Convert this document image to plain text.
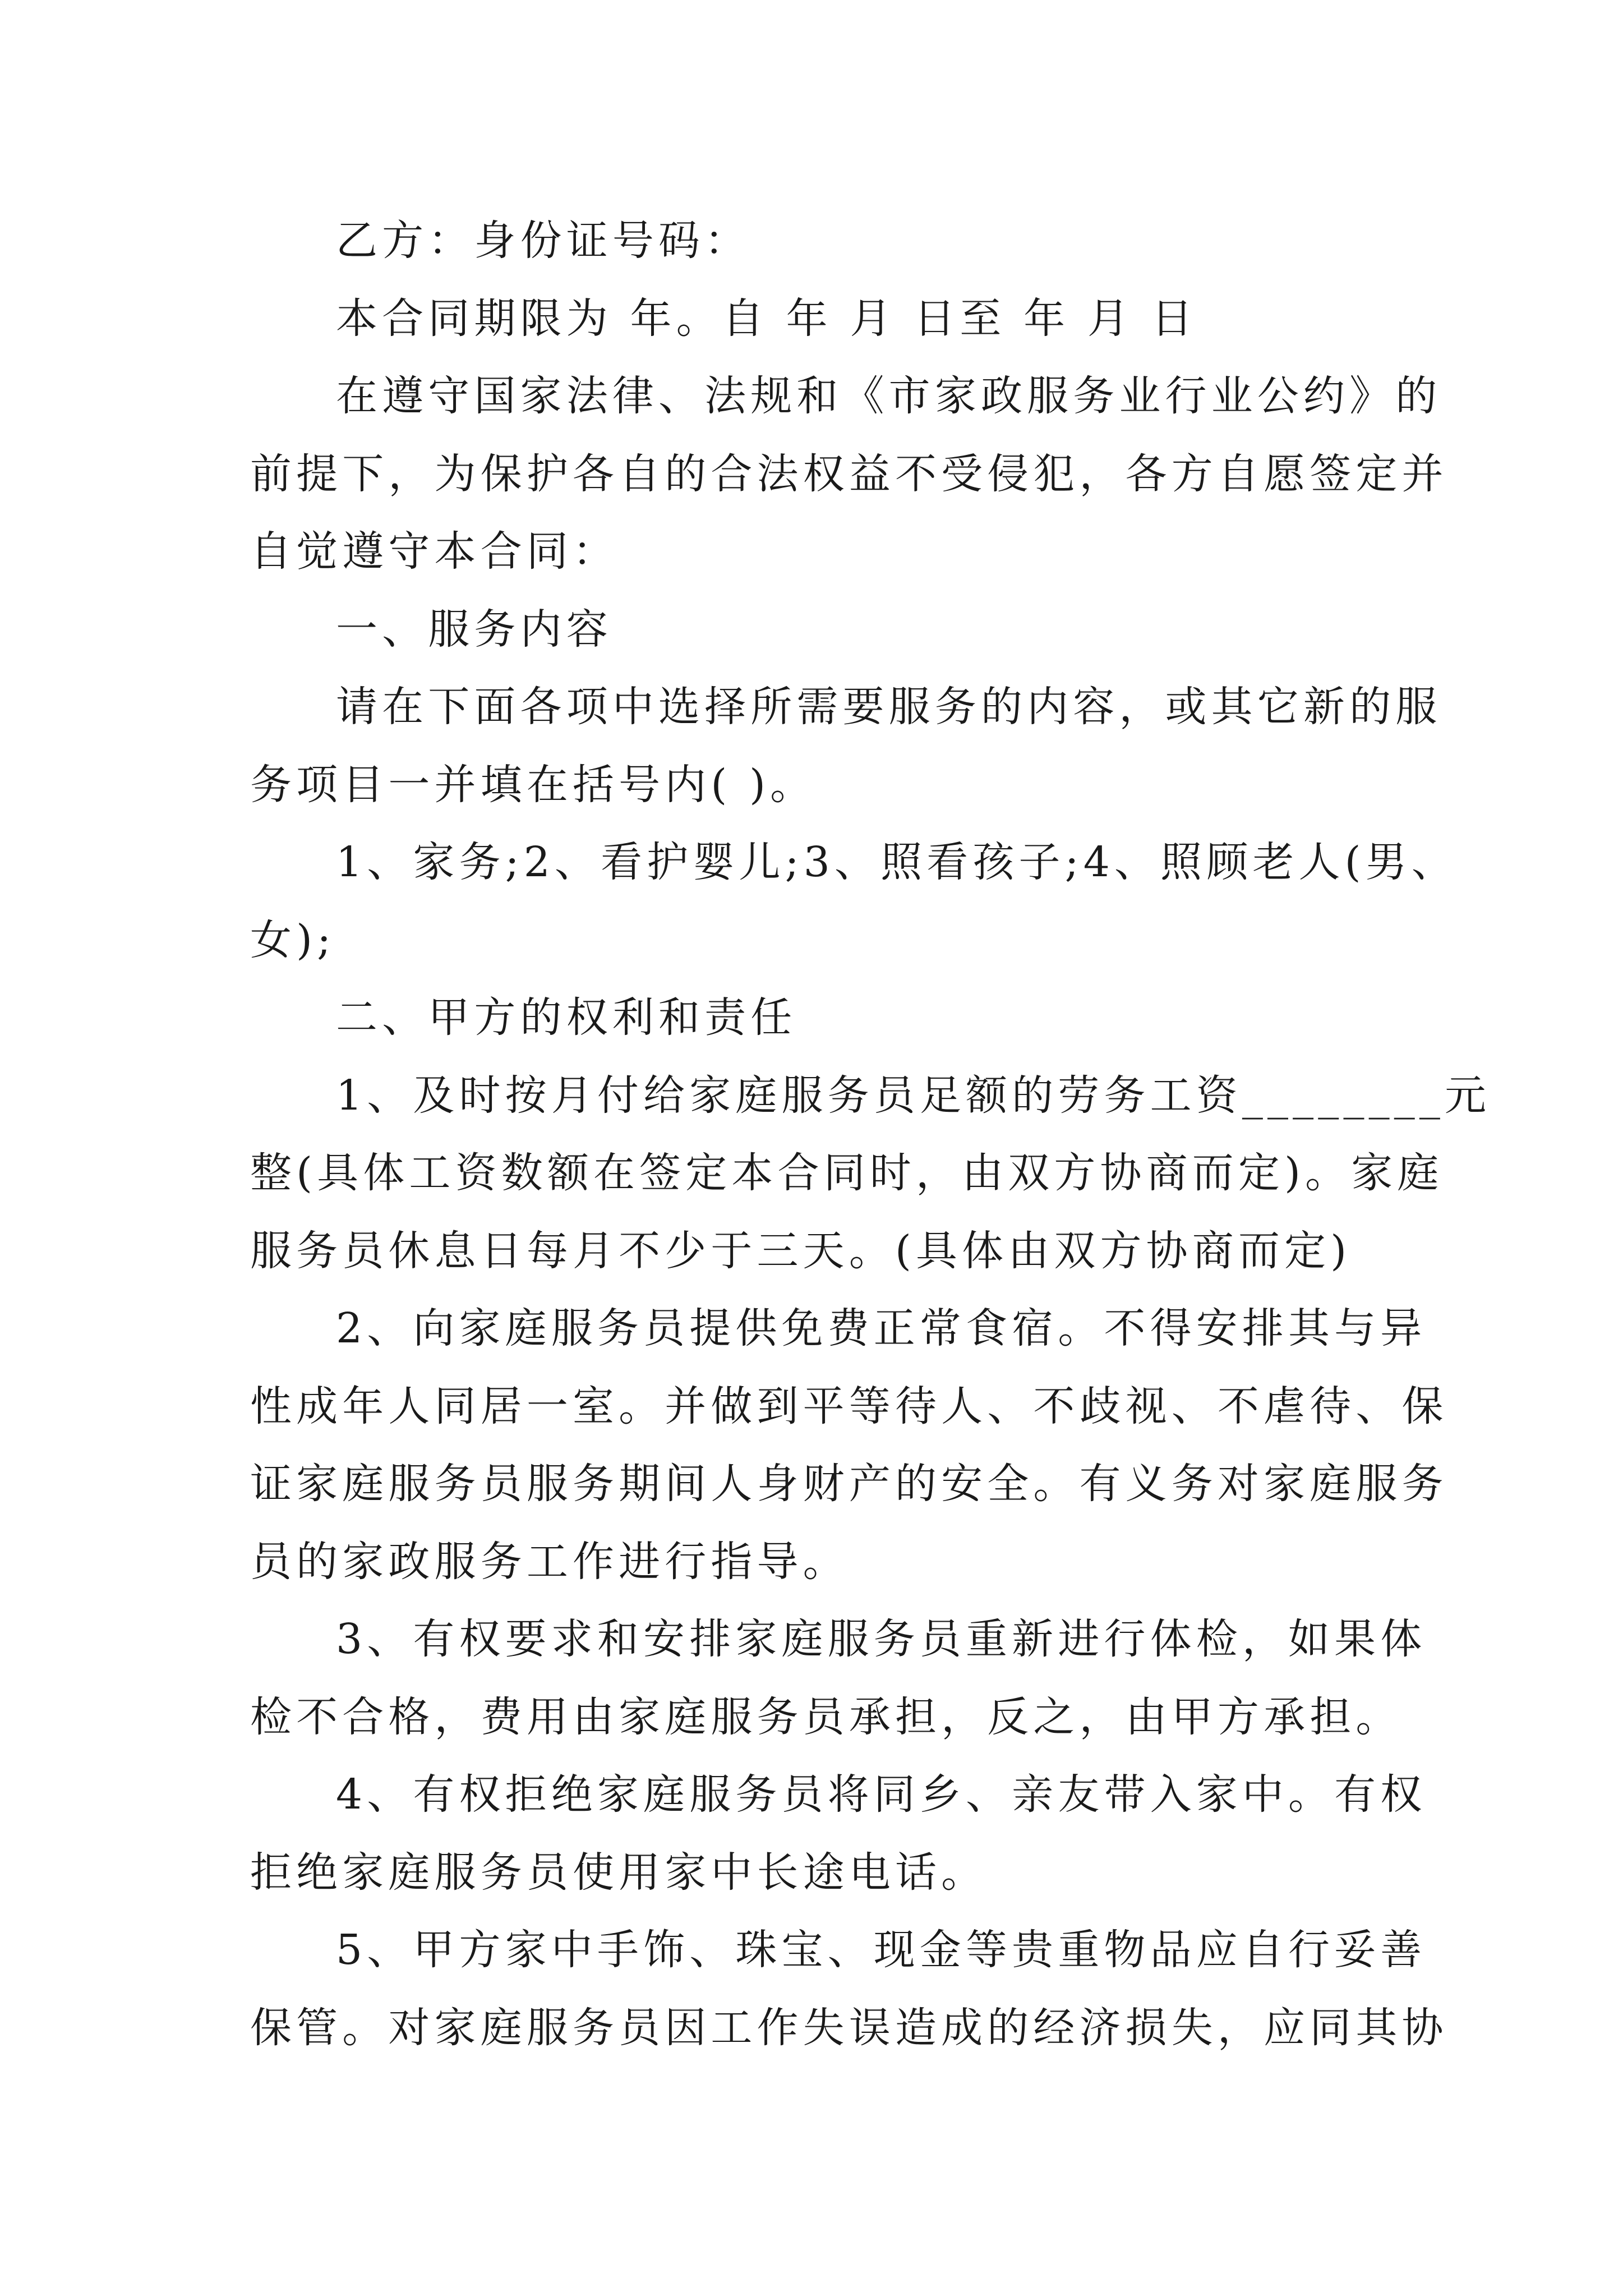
乙方：身份证号码：

本合同期限为 年。自 年 月 日至 年 月 日

在遵守国家法律、法规和《市家政服务业行业公约》的

前提下，为保护各自的合法权益不受侵犯，各方自愿签定并

自觉遵守本合同：

一、服务内容

请在下面各项中选择所需要服务的内容，或其它新的服

务项目一并填在括号内( )。

1、家务;2、看护婴儿;3、照看孩子;4、照顾老人(男、

女);

二、甲方的权利和责任

1、及时按月付给家庭服务员足额的劳务工资________元

整(具体工资数额在签定本合同时，由双方协商而定)。家庭

服务员休息日每月不少于三天。(具体由双方协商而定)

2、向家庭服务员提供免费正常食宿。不得安排其与异

性成年人同居一室。并做到平等待人、不歧视、不虐待、保

证家庭服务员服务期间人身财产的安全。有义务对家庭服务

员的家政服务工作进行指导。

3、有权要求和安排家庭服务员重新进行体检，如果体

检不合格，费用由家庭服务员承担，反之，由甲方承担。

4、有权拒绝家庭服务员将同乡、亲友带入家中。有权

拒绝家庭服务员使用家中长途电话。

5、甲方家中手饰、珠宝、现金等贵重物品应自行妥善

保管。对家庭服务员因工作失误造成的经济损失，应同其协
